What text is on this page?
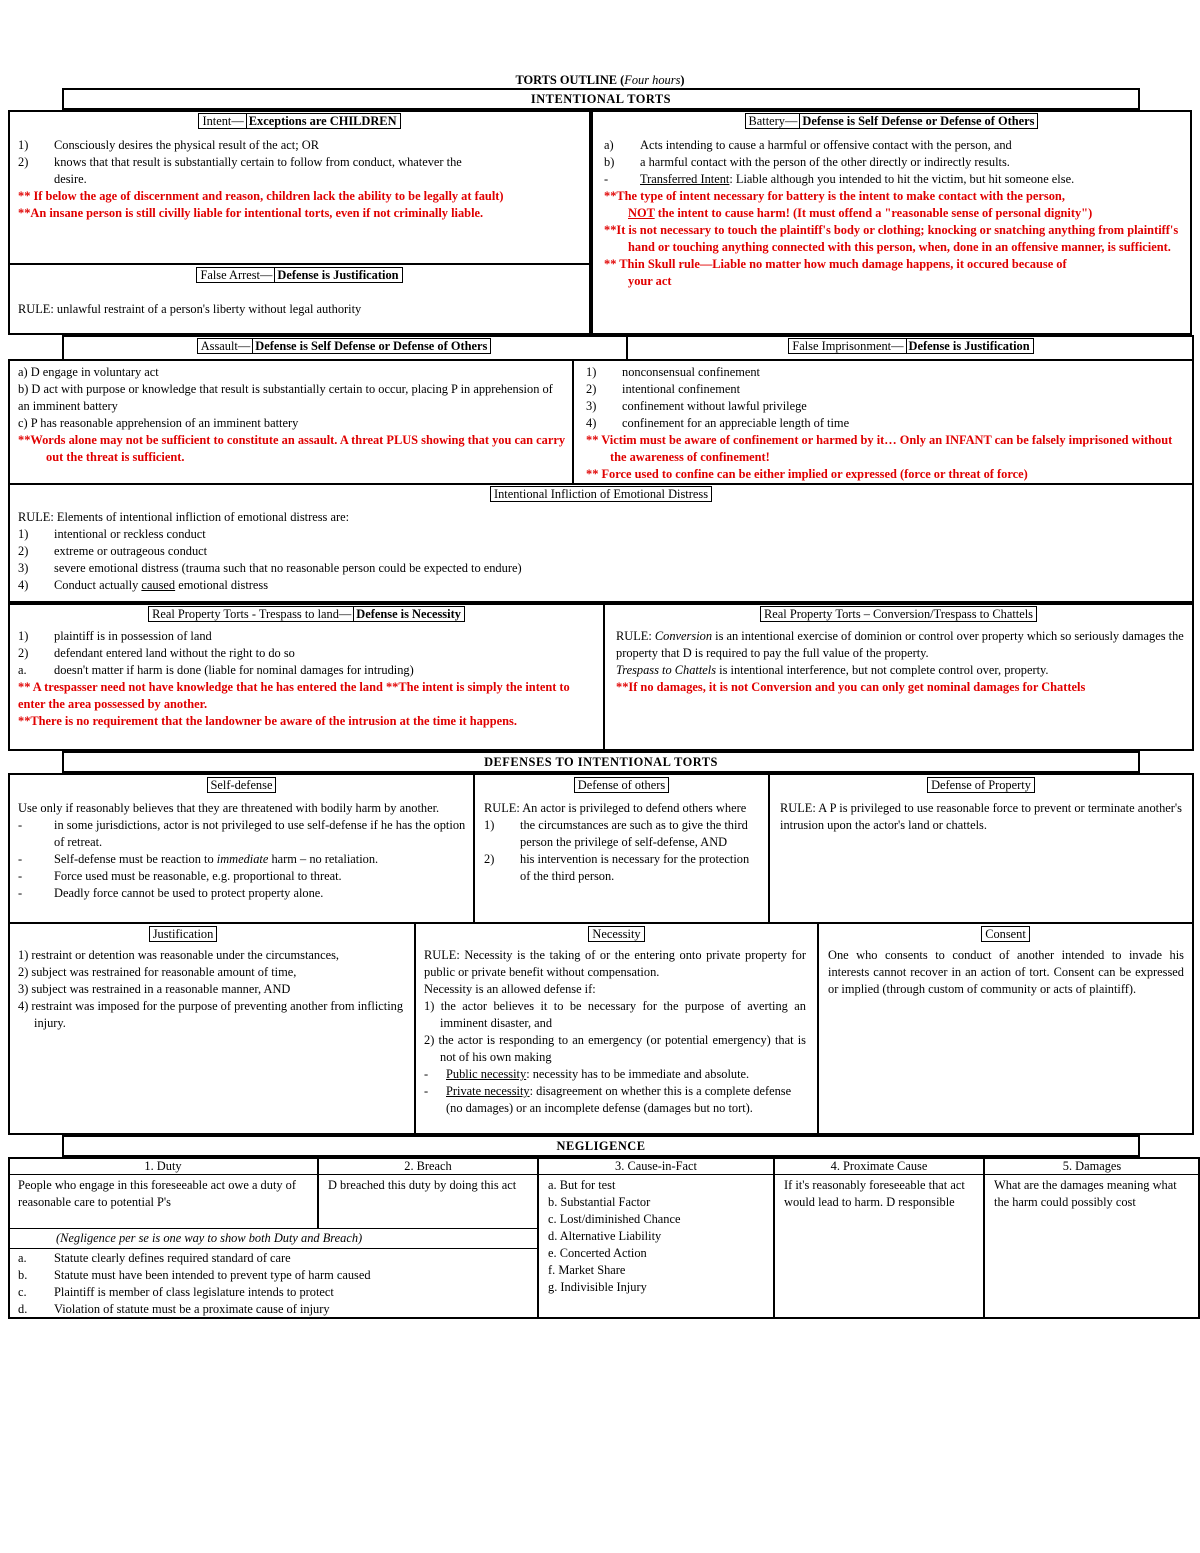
TORTS OUTLINE (Four hours)
INTENTIONAL TORTS
Intent— Exceptions are CHILDREN
1)	Consciously desires the physical result of the act; OR
2)	knows that that result is substantially certain to follow from conduct, whatever the
desire.
** If below the age of discernment and reason, children lack the ability to be legally at fault)
**An insane person is still civilly liable for intentional torts, even if not criminally liable.
False Arrest— Defense is Justification
RULE: unlawful restraint of a person's liberty without legal authority
Battery— Defense is Self Defense or Defense of Others
a)	Acts intending to cause a harmful or offensive contact with the person, and
b)	a harmful contact with the person of the other directly or indirectly results.
-	Transferred Intent: Liable although you intended to hit the victim, but hit someone else.
**The type of intent necessary for battery is the intent to make contact with the person,
NOT the intent to cause harm! (It must offend a "reasonable sense of personal dignity")
**It is not necessary to touch the plaintiff's body or clothing; knocking or snatching anything from plaintiff's hand or touching anything connected with this person, when, done in an offensive manner, is sufficient.
** Thin Skull rule—Liable no matter how much damage happens, it occured because of
your act
Assault— Defense is Self Defense or Defense of Others	False Imprisonment— Defense is Justification
a) D engage in voluntary act
b) D act with purpose or knowledge that result is substantially certain to occur, placing P in apprehension of an imminent battery
c) P has reasonable apprehension of an imminent battery
**Words alone may not be sufficient to constitute an assault. A threat PLUS showing that you can carry out the threat is sufficient.
1)	nonconsensual confinement
2)	intentional confinement
3)	confinement without lawful privilege
4)	confinement for an appreciable length of time
** Victim must be aware of confinement or harmed by it… Only an INFANT can be falsely imprisoned without the awareness of confinement!
** Force used to confine can be either implied or expressed (force or threat of force)
Intentional Infliction of Emotional Distress
RULE: Elements of intentional infliction of emotional distress are:
1)	intentional or reckless conduct
2)	extreme or outrageous conduct
3)	severe emotional distress (trauma such that no reasonable person could be expected to endure)
4)	Conduct actually caused emotional distress
Real Property Torts - Trespass to land— Defense is Necessity
1)	plaintiff is in possession of land
2)	defendant entered land without the right to do so
a.	doesn't matter if harm is done (liable for nominal damages for intruding)
** A trespasser need not have knowledge that he has entered the land **The intent is simply the intent to enter the area possessed by another.
**There is no requirement that the landowner be aware of the intrusion at the time it happens.
Real Property Torts – Conversion/Trespass to Chattels
RULE: Conversion is an intentional exercise of dominion or control over property which so seriously damages the property that D is required to pay the full value of the property.
Trespass to Chattels is intentional interference, but not complete control over, property.
**If no damages, it is not Conversion and you can only get nominal damages for Chattels
DEFENSES TO INTENTIONAL TORTS
Self-defense
Use only if reasonably believes that they are threatened with bodily harm by another.
-	in some jurisdictions, actor is not privileged to use self-defense if he has the option of retreat.
-	Self-defense must be reaction to immediate harm – no retaliation.
-	Force used must be reasonable, e.g. proportional to threat.
-	Deadly force cannot be used to protect property alone.
Defense of others
RULE: An actor is privileged to defend others where
1)	the circumstances are such as to give the third person the privilege of self-defense, AND
2)	his intervention is necessary for the protection of the third person.
Defense of Property
RULE: A P is privileged to use reasonable force to prevent or terminate another's intrusion upon the actor's land or chattels.
Justification
1) restraint or detention was reasonable under the circumstances,
2) subject was restrained for reasonable amount of time,
3) subject was restrained in a reasonable manner, AND
4) restraint was imposed for the purpose of preventing another from inflicting injury.
Necessity
RULE: Necessity is the taking of or the entering onto private property for public or private benefit without compensation.
Necessity is an allowed defense if:
1) the actor believes it to be necessary for the purpose of averting an imminent disaster, and
2) the actor is responding to an emergency (or potential emergency) that is not of his own making
-	Public necessity: necessity has to be immediate and absolute.
-	Private necessity: disagreement on whether this is a complete defense (no damages) or an incomplete defense (damages but no tort).
Consent
One who consents to conduct of another intended to invade his interests cannot recover in an action of tort. Consent can be expressed or implied (through custom of community or acts of plaintiff).
NEGLIGENCE
1. Duty	2. Breach	3. Cause-in-Fact	4. Proximate Cause	5. Damages
People who engage in this foreseeable act owe a duty of reasonable care to potential P's
D breached this duty by doing this act
(Negligence per se is one way to show both Duty and Breach)
a.	Statute clearly defines required standard of care
b.	Statute must have been intended to prevent type of harm caused
c.	Plaintiff is member of class legislature intends to protect
d.	Violation of statute must be a proximate cause of injury
a. But for test
b. Substantial Factor
c. Lost/diminished Chance
d. Alternative Liability
e. Concerted Action
f. Market Share
g. Indivisible Injury
If it's reasonably foreseeable that act would lead to harm. D responsible
What are the damages meaning what the harm could possibly cost
